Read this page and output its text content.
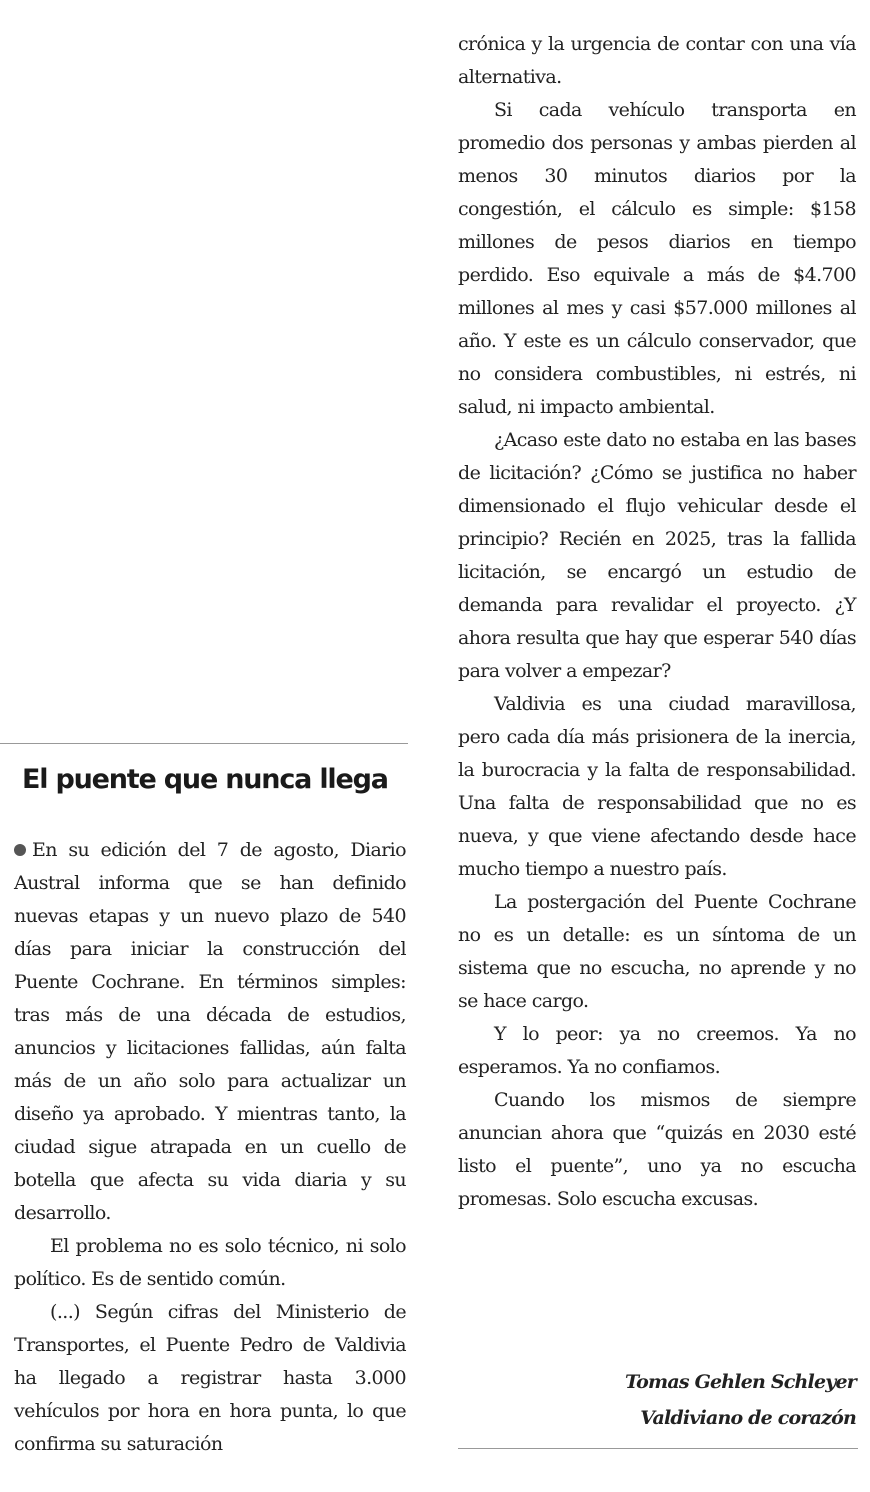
crónica y la urgencia de contar con una vía alternativa.

Si cada vehículo transporta en promedio dos personas y ambas pierden al menos 30 minutos diarios por la congestión, el cálculo es simple: $158 millones de pesos diarios en tiempo perdido. Eso equivale a más de $4.700 millones al mes y casi $57.000 millones al año. Y este es un cálculo conservador, que no considera combustibles, ni estrés, ni salud, ni impacto ambiental.

¿Acaso este dato no estaba en las bases de licitación? ¿Cómo se justifica no haber dimensionado el flujo vehicular desde el principio? Recién en 2025, tras la fallida licitación, se encargó un estudio de demanda para revalidar el proyecto. ¿Y ahora resulta que hay que esperar 540 días para volver a empezar?

Valdivia es una ciudad maravillosa, pero cada día más prisionera de la inercia, la burocracia y la falta de responsabilidad. Una falta de responsabilidad que no es nueva, y que viene afectando desde hace mucho tiempo a nuestro país.

La postergación del Puente Cochrane no es un detalle: es un síntoma de un sistema que no escucha, no aprende y no se hace cargo.

Y lo peor: ya no creemos. Ya no esperamos. Ya no confiamos.

Cuando los mismos de siempre anuncian ahora que “quizás en 2030 esté listo el puente”, uno ya no escucha promesas. Solo escucha excusas.

El puente que nunca llega

En su edición del 7 de agosto, Diario Austral informa que se han definido nuevas etapas y un nuevo plazo de 540 días para iniciar la construcción del Puente Cochrane. En términos simples: tras más de una década de estudios, anuncios y licitaciones fallidas, aún falta más de un año solo para actualizar un diseño ya aprobado. Y mientras tanto, la ciudad sigue atrapada en un cuello de botella que afecta su vida diaria y su desarrollo.

El problema no es solo técnico, ni solo político. Es de sentido común.

(...) Según cifras del Ministerio de Transportes, el Puente Pedro de Valdivia ha llegado a registrar hasta 3.000 vehículos por hora en hora punta, lo que confirma su saturación

Tomas Gehlen Schleyer
Valdiviano de corazón
